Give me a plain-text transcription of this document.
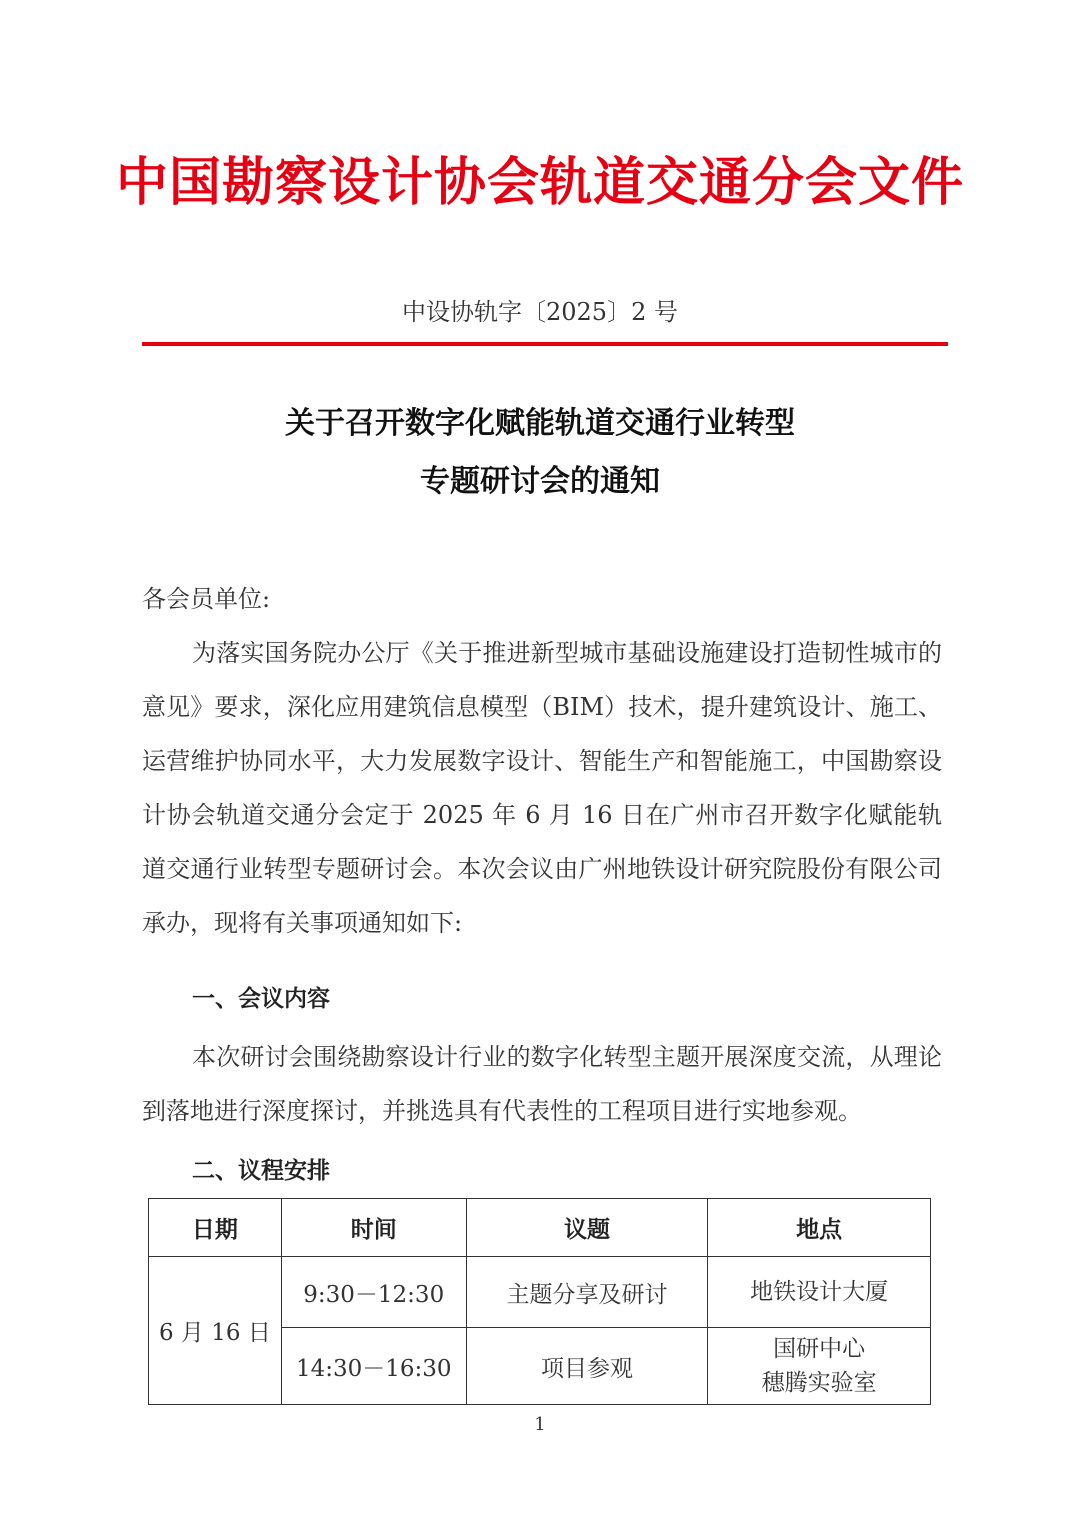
中国勘察设计协会轨道交通分会文件
中设协轨字〔2025〕2 号
关于召开数字化赋能轨道交通行业转型
专题研讨会的通知
各会员单位:
为落实国务院办公厅《关于推进新型城市基础设施建设打造韧性城市的意见》要求，深化应用建筑信息模型（BIM）技术，提升建筑设计、施工、运营维护协同水平，大力发展数字设计、智能生产和智能施工，中国勘察设计协会轨道交通分会定于 2025 年 6 月 16 日在广州市召开数字化赋能轨道交通行业转型专题研讨会。本次会议由广州地铁设计研究院股份有限公司承办，现将有关事项通知如下:
一、会议内容
本次研讨会围绕勘察设计行业的数字化转型主题开展深度交流，从理论到落地进行深度探讨，并挑选具有代表性的工程项目进行实地参观。
二、议程安排
日期	时间	议题	地点
6 月 16 日	9:30－12:30	主题分享及研讨	地铁设计大厦

	14:30－16:30	项目参观	国研中心
穗腾实验室
1
